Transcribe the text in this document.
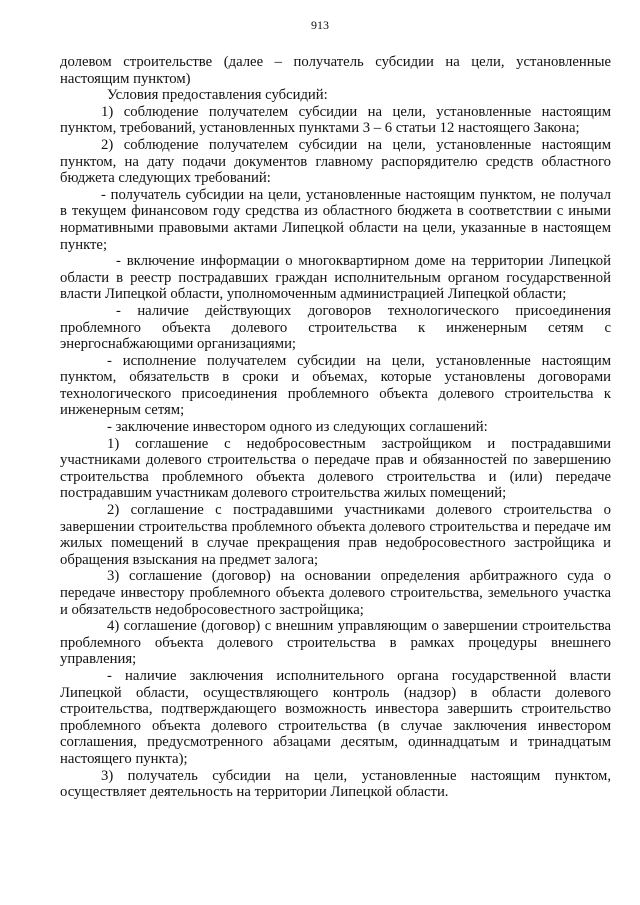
913

долевом строительстве (далее – получатель субсидии на цели, установленные настоящим пунктом)

Условия предоставления субсидий:

1) соблюдение получателем субсидии на цели, установленные настоящим пунктом, требований, установленных пунктами 3 – 6 статьи 12 настоящего Закона;

2) соблюдение получателем субсидии на цели, установленные настоящим пунктом, на дату подачи документов главному распорядителю средств областного бюджета следующих требований:

- получатель субсидии на цели, установленные настоящим пунктом, не получал в текущем финансовом году средства из областного бюджета в соответствии с иными нормативными правовыми актами Липецкой области на цели, указанные в настоящем пункте;

- включение информации о многоквартирном доме на территории Липецкой области в реестр пострадавших граждан исполнительным органом государственной власти Липецкой области, уполномоченным администрацией Липецкой области;

- наличие действующих договоров технологического присоединения проблемного объекта долевого строительства к инженерным сетям с энергоснабжающими организациями;

- исполнение получателем субсидии на цели, установленные настоящим пунктом, обязательств в сроки и объемах, которые установлены договорами технологического присоединения проблемного объекта долевого строительства к инженерным сетям;

- заключение инвестором одного из следующих соглашений:

1) соглашение с недобросовестным застройщиком и пострадавшими участниками долевого строительства о передаче прав и обязанностей по завершению строительства проблемного объекта долевого строительства и (или) передаче пострадавшим участникам долевого строительства жилых помещений;

2) соглашение с пострадавшими участниками долевого строительства о завершении строительства проблемного объекта долевого строительства и передаче им жилых помещений в случае прекращения прав недобросовестного застройщика и обращения взыскания на предмет залога;

3) соглашение (договор) на основании определения арбитражного суда о передаче инвестору проблемного объекта долевого строительства, земельного участка и обязательств недобросовестного застройщика;

4) соглашение (договор) с внешним управляющим о завершении строительства проблемного объекта долевого строительства в рамках процедуры внешнего управления;

- наличие заключения исполнительного органа государственной власти Липецкой области, осуществляющего контроль (надзор) в области долевого строительства, подтверждающего возможность инвестора завершить строительство проблемного объекта долевого строительства (в случае заключения инвестором соглашения, предусмотренного абзацами десятым, одиннадцатым и тринадцатым настоящего пункта);

3) получатель субсидии на цели, установленные настоящим пунктом, осуществляет деятельность на территории Липецкой области.
